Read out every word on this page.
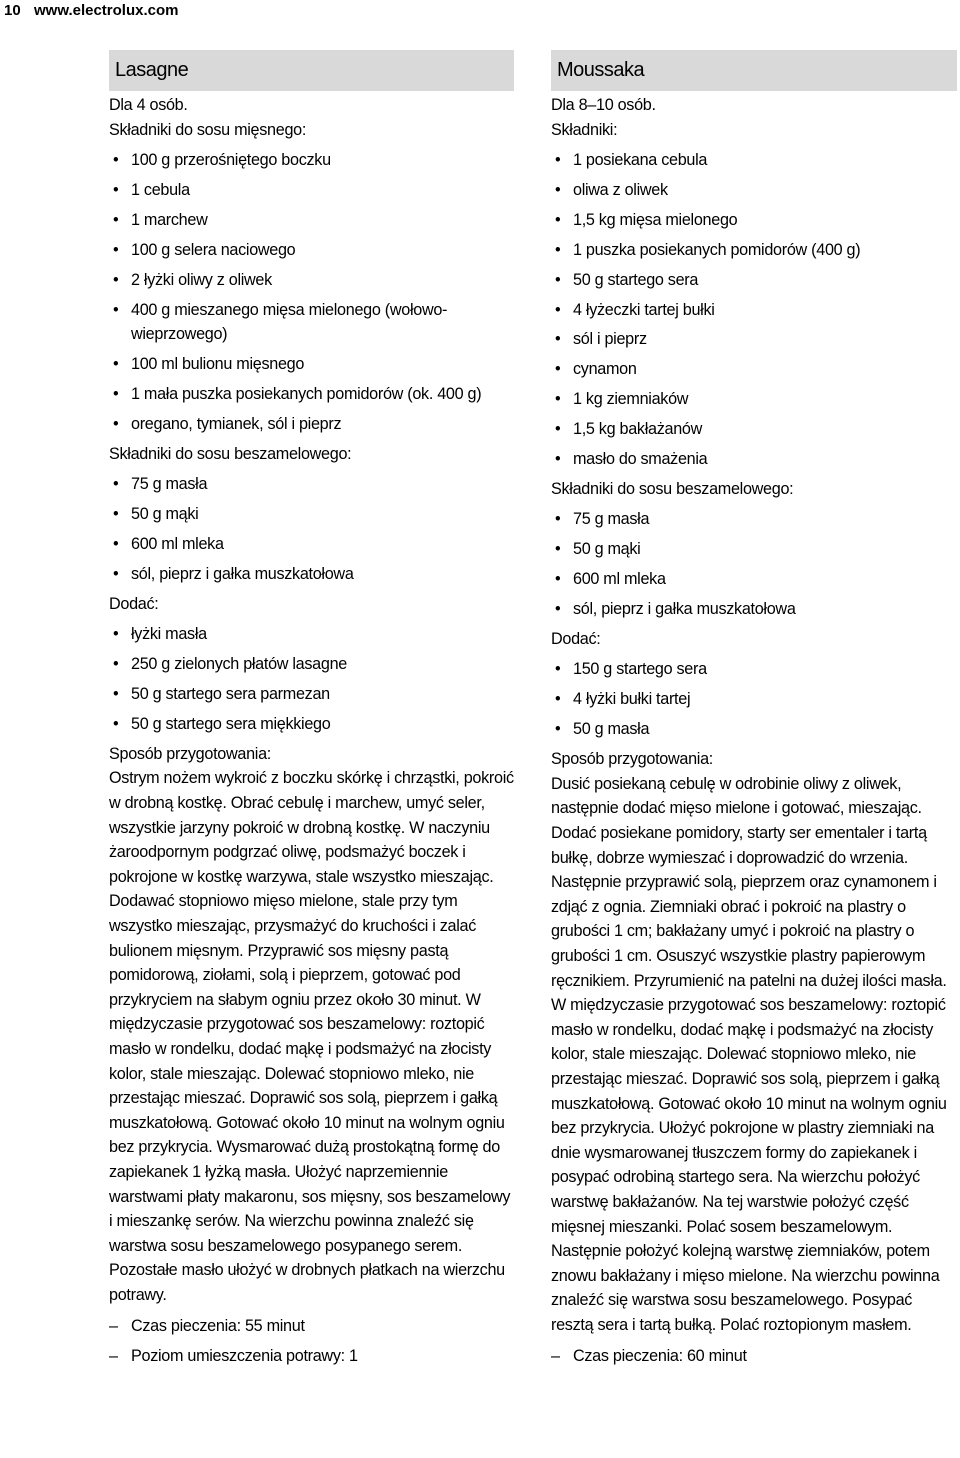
10 www.electrolux.com
Lasagne

Dla 4 osób.

Składniki do sosu mięsnego:

• 100 g przerośniętego boczku
• 1 cebula
• 1 marchew
• 100 g selera naciowego
• 2 łyżki oliwy z oliwek
• 400 g mieszanego mięsa mielonego (wołowo-wieprzowego)
• 100 ml bulionu mięsnego
• 1 mała puszka posiekanych pomidorów (ok. 400 g)
• oregano, tymianek, sól i pieprz

Składniki do sosu beszamelowego:

• 75 g masła
• 50 g mąki
• 600 ml mleka
• sól, pieprz i gałka muszkatołowa

Dodać:

• łyżki masła
• 250 g zielonych płatów lasagne
• 50 g startego sera parmezan
• 50 g startego sera miękkiego

Sposób przygotowania:

Ostrym nożem wykroić z boczku skórkę i chrząstki, pokroić w drobną kostkę. Obrać cebulę i marchew, umyć seler, wszystkie jarzyny pokroić w drobną kostkę. W naczyniu żaroodpornym podgrzać oliwę, podsmażyć boczek i pokrojone w kostkę warzywa, stale wszystko mieszając. Dodawać stopniowo mięso mielone, stale przy tym wszystko mieszając, przysmażyć do kruchości i zalać bulionem mięsnym. Przyprawić sos mięsny pastą pomidorową, ziołami, solą i pieprzem, gotować pod przykryciem na słabym ogniu przez około 30 minut. W międzyczasie przygotować sos beszamelowy: roztopić masło w rondelku, dodać mąkę i podsmażyć na złocisty kolor, stale mieszając. Dolewać stopniowo mleko, nie przestając mieszać. Doprawić sos solą, pieprzem i gałką muszkatołową. Gotować około 10 minut na wolnym ogniu bez przykrycia. Wysmarować dużą prostokątną formę do zapiekanek 1 łyżką masła. Ułożyć naprzemiennie warstwami płaty makaronu, sos mięsny, sos beszamelowy i mieszankę serów. Na wierzchu powinna znaleźć się warstwa sosu beszamelowego posypanego serem. Pozostałe masło ułożyć w drobnych płatkach na wierzchu potrawy.

– Czas pieczenia: 55 minut
– Poziom umieszczenia potrawy: 1
Moussaka

Dla 8–10 osób.

Składniki:

• 1 posiekana cebula
• oliwa z oliwek
• 1,5 kg mięsa mielonego
• 1 puszka posiekanych pomidorów (400 g)
• 50 g startego sera
• 4 łyżeczki tartej bułki
• sól i pieprz
• cynamon
• 1 kg ziemniaków
• 1,5 kg bakłażanów
• masło do smażenia

Składniki do sosu beszamelowego:

• 75 g masła
• 50 g mąki
• 600 ml mleka
• sól, pieprz i gałka muszkatołowa

Dodać:

• 150 g startego sera
• 4 łyżki bułki tartej
• 50 g masła

Sposób przygotowania:

Dusić posiekaną cebulę w odrobinie oliwy z oliwek, następnie dodać mięso mielone i gotować, mieszając. Dodać posiekane pomidory, starty ser ementaler i tartą bułkę, dobrze wymieszać i doprowadzić do wrzenia. Następnie przyprawić solą, pieprzem oraz cynamonem i zdjąć z ognia. Ziemniaki obrać i pokroić na plastry o grubości 1 cm; bakłażany umyć i pokroić na plastry o grubości 1 cm. Osuszyć wszystkie plastry papierowym ręcznikiem. Przyrumienić na patelni na dużej ilości masła. W międzyczasie przygotować sos beszamelowy: roztopić masło w rondelku, dodać mąkę i podsmażyć na złocisty kolor, stale mieszając. Dolewać stopniowo mleko, nie przestając mieszać. Doprawić sos solą, pieprzem i gałką muszkatołową. Gotować około 10 minut na wolnym ogniu bez przykrycia. Ułożyć pokrojone w plastry ziemniaki na dnie wysmarowanej tłuszczem formy do zapiekanek i posypać odrobiną startego sera. Na wierzchu położyć warstwę bakłażanów. Na tej warstwie położyć część mięsnej mieszanki. Polać sosem beszamelowym. Następnie położyć kolejną warstwę ziemniaków, potem znowu bakłażany i mięso mielone. Na wierzchu powinna znaleźć się warstwa sosu beszamelowego. Posypać resztą sera i tartą bułką. Polać roztopionym masłem.

– Czas pieczenia: 60 minut
